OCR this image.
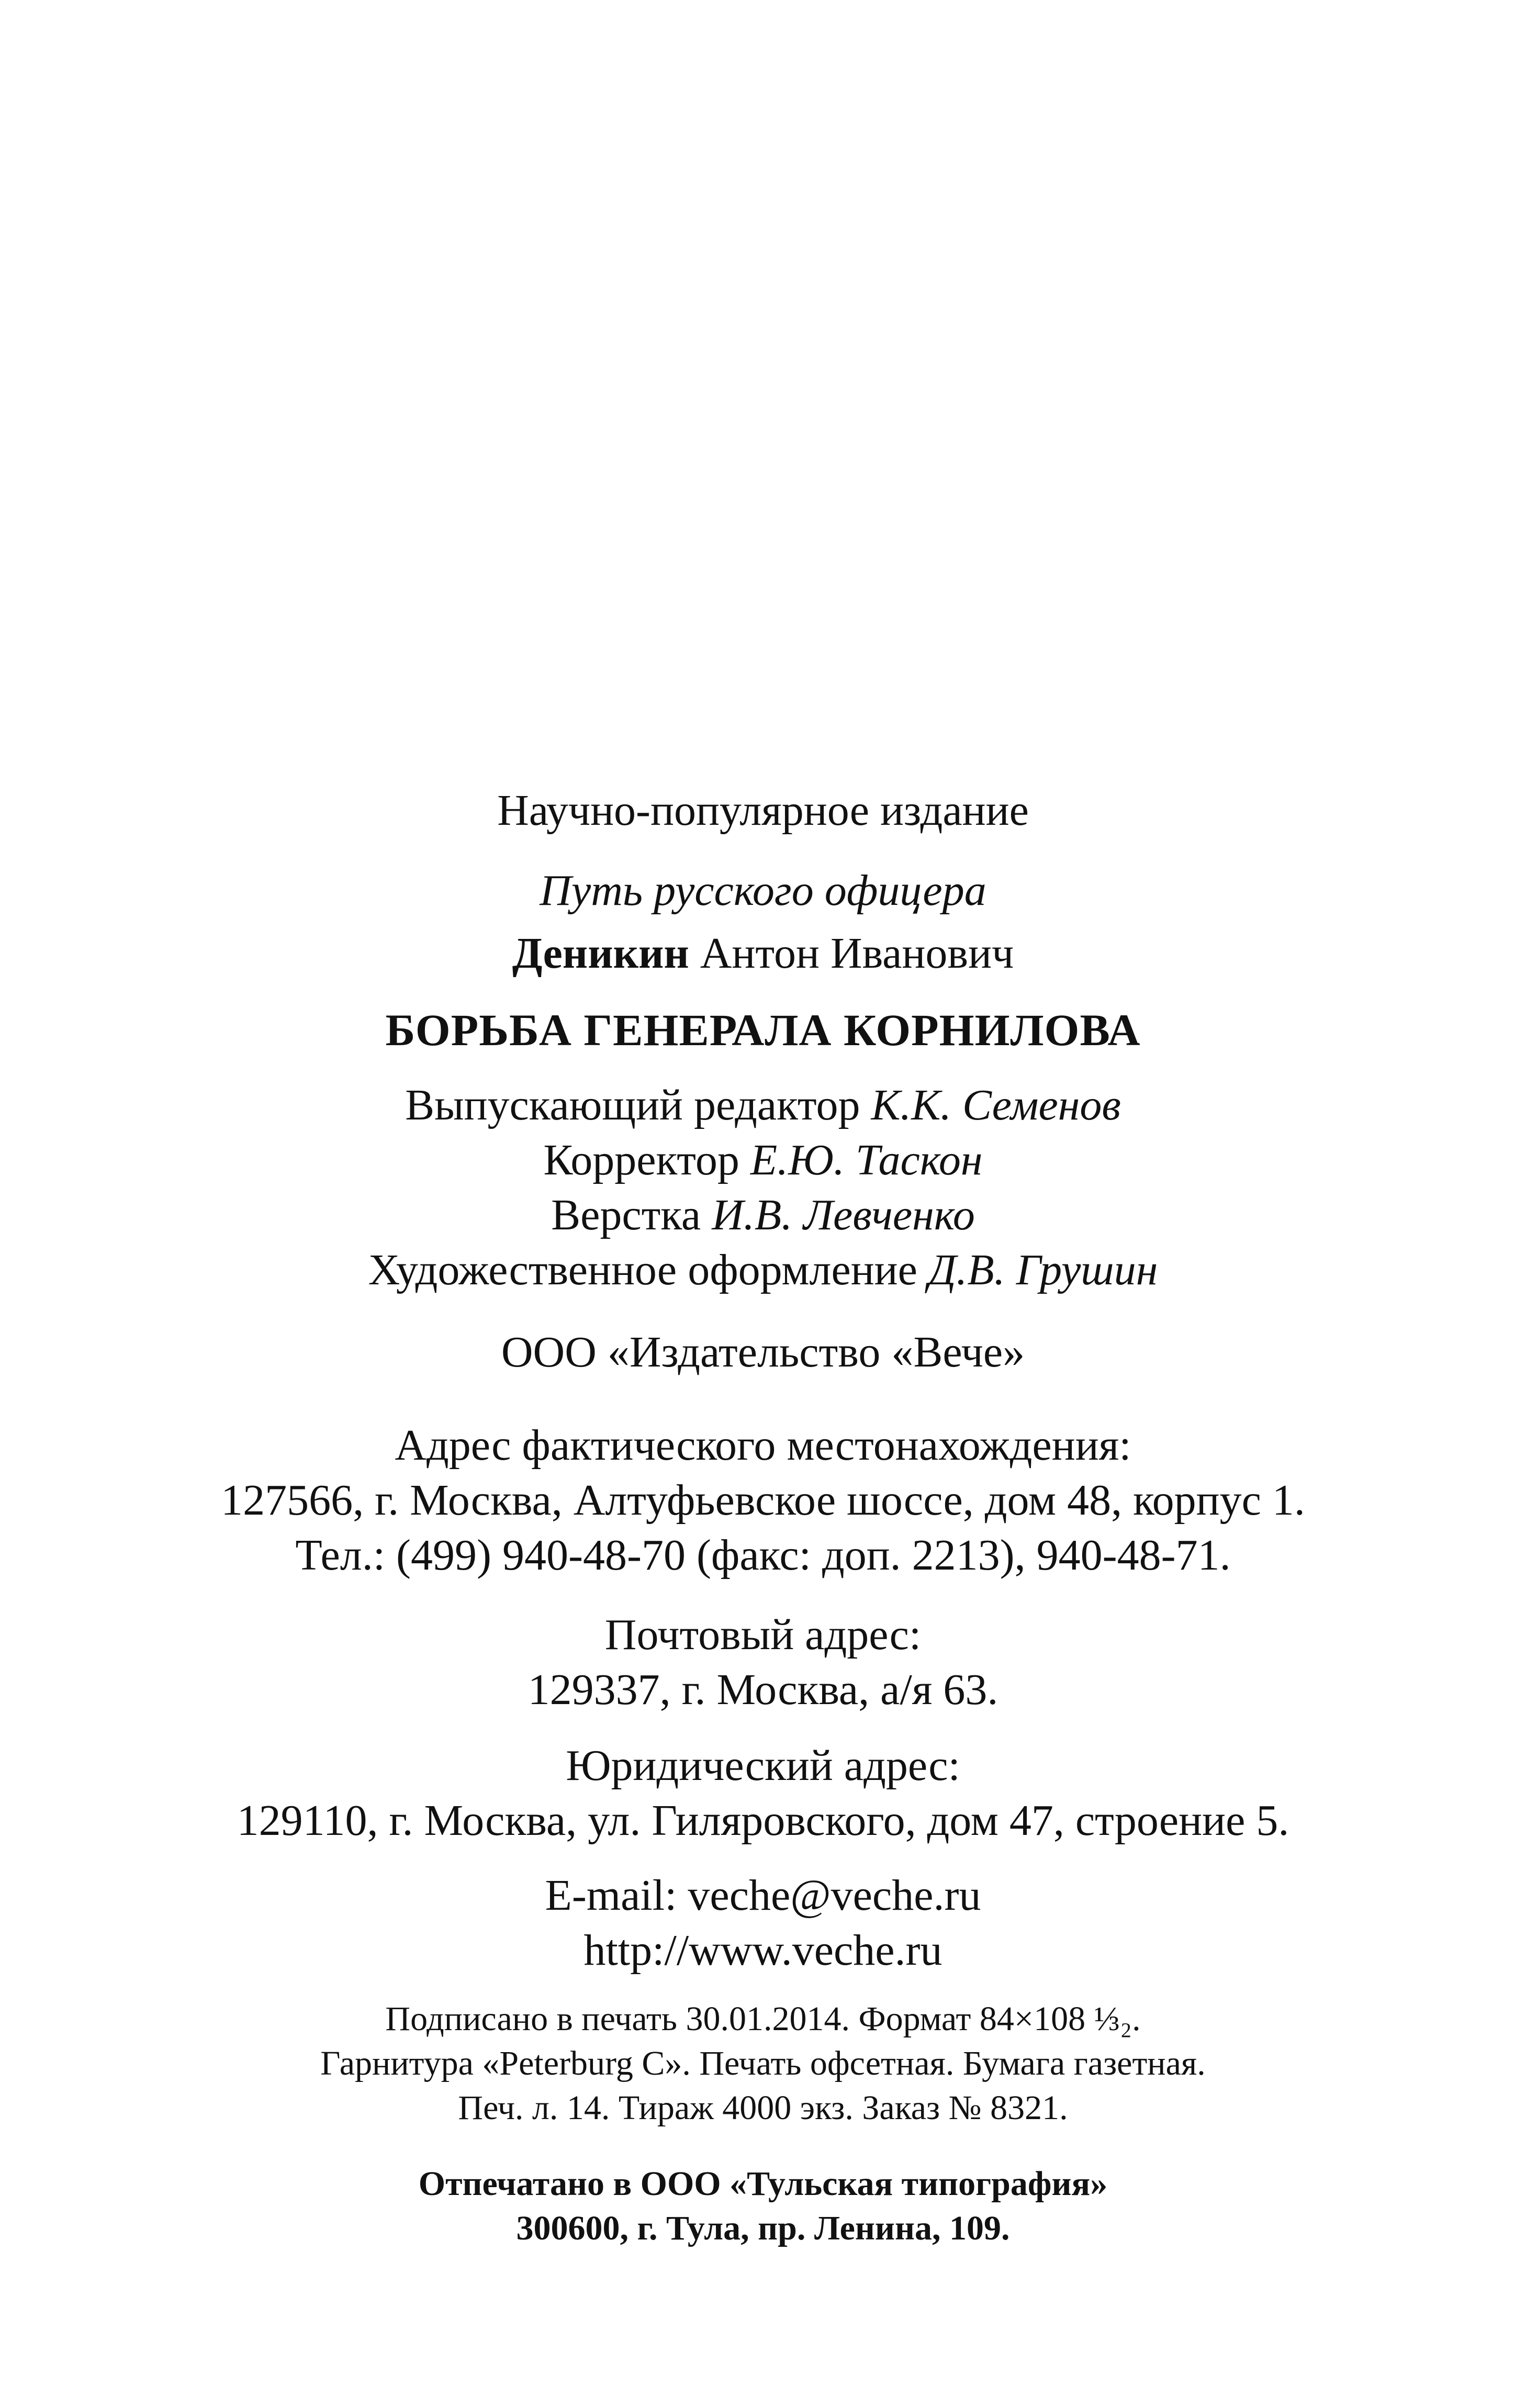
Научно-популярное издание
Путь русского офицера
Деникин Антон Иванович
БОРЬБА ГЕНЕРАЛА КОРНИЛОВА
Выпускающий редактор К.К. Семенов
Корректор Е.Ю. Таскон
Верстка И.В. Левченко
Художественное оформление Д.В. Грушин
ООО «Издательство «Вече»
Адрес фактического местонахождения:
127566, г. Москва, Алтуфьевское шоссе, дом 48, корпус 1.
Тел.: (499) 940-48-70 (факс: доп. 2213), 940-48-71.
Почтовый адрес:
129337, г. Москва, а/я 63.
Юридический адрес:
129110, г. Москва, ул. Гиляровского, дом 47, строение 5.
E-mail: veche@veche.ru
http://www.veche.ru
Подписано в печать 30.01.2014. Формат 84×108 ⅓₂.
Гарнитура «Peterburg С». Печать офсетная. Бумага газетная.
Печ. л. 14. Тираж 4000 экз. Заказ № 8321.
Отпечатано в ООО «Тульская типография»
300600, г. Тула, пр. Ленина, 109.
